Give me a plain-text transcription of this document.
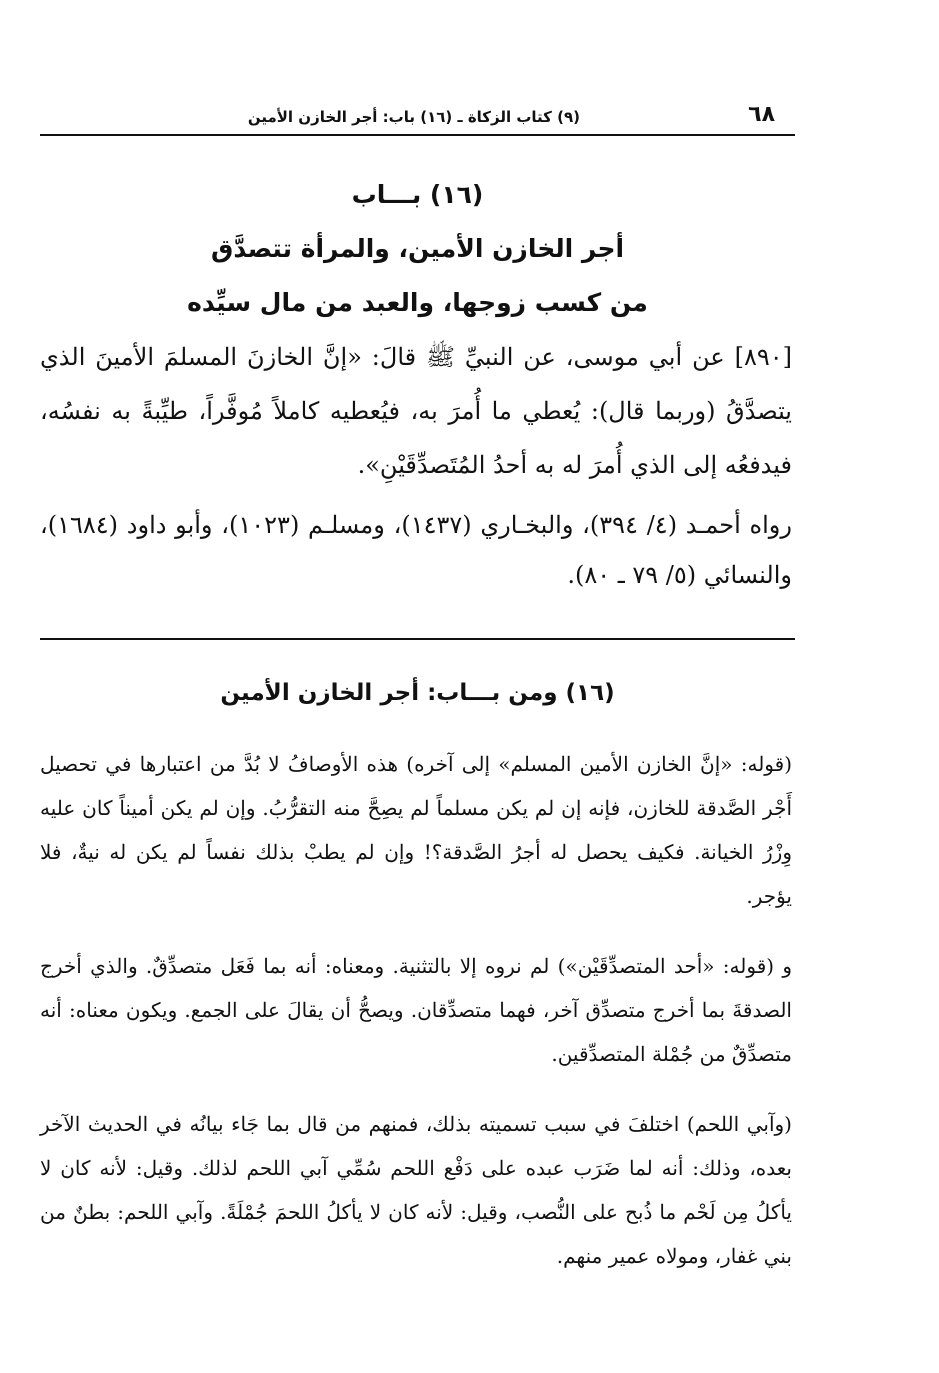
٦٨
(٩) كتاب الزكاة ـ (١٦) باب: أجر الخازن الأمين
(١٦) بـــاب
أجر الخازن الأمين، والمرأة تتصدَّق
من كسب زوجها، والعبد من مال سيِّده

[٨٩٠] عن أبي موسى، عن النبيِّ ﷺ قالَ: «إنَّ الخازنَ المسلمَ الأمينَ الذي يتصدَّقُ (وربما قال): يُعطي ما أُمرَ به، فيُعطيه كاملاً مُوفَّراً، طيِّبةً به نفسُه، فيدفعُه إلى الذي أُمرَ له به أحدُ المُتَصدِّقَيْنِ».

رواه أحمـد (٤/ ٣٩٤)، والبخـاري (١٤٣٧)، ومسلـم (١٠٢٣)، وأبو داود (١٦٨٤)، والنسائي (٥/ ٧٩ ـ ٨٠).

(١٦) ومن بـــاب: أجر الخازن الأمين

(قوله: «إنَّ الخازن الأمين المسلم» إلى آخره) هذه الأوصافُ لا بُدَّ من اعتبارها في تحصيل أَجْر الصَّدقة للخازن، فإنه إن لم يكن مسلماً لم يصِحَّ منه التقرُّبُ. وإن لم يكن أميناً كان عليه وِزْرُ الخيانة. فكيف يحصل له أجرُ الصَّدقة؟! وإن لم يطبْ بذلك نفساً لم يكن له نيةٌ، فلا يؤجر.

و (قوله: «أحد المتصدِّقَيْن») لم نروه إلا بالتثنية. ومعناه: أنه بما فَعَل متصدِّقٌ. والذي أخرج الصدقةَ بما أخرج متصدِّق آخر، فهما متصدِّقان. ويصحُّ أن يقالَ على الجمع. ويكون معناه: أنه متصدِّقٌ من جُمْلة المتصدِّقين.

(وآبي اللحم) اختلفَ في سبب تسميته بذلك، فمنهم من قال بما جَاء بيانُه في الحديث الآخر بعده، وذلك: أنه لما ضَرَب عبده على دَفْع اللحم سُمِّي آبي اللحم لذلك. وقيل: لأنه كان لا يأكلُ مِن لَحْم ما ذُبح على النُّصب، وقيل: لأنه كان لا يأكلُ اللحمَ جُمْلَةً. وآبي اللحم: بطنٌ من بني غفار، ومولاه عمير منهم.
